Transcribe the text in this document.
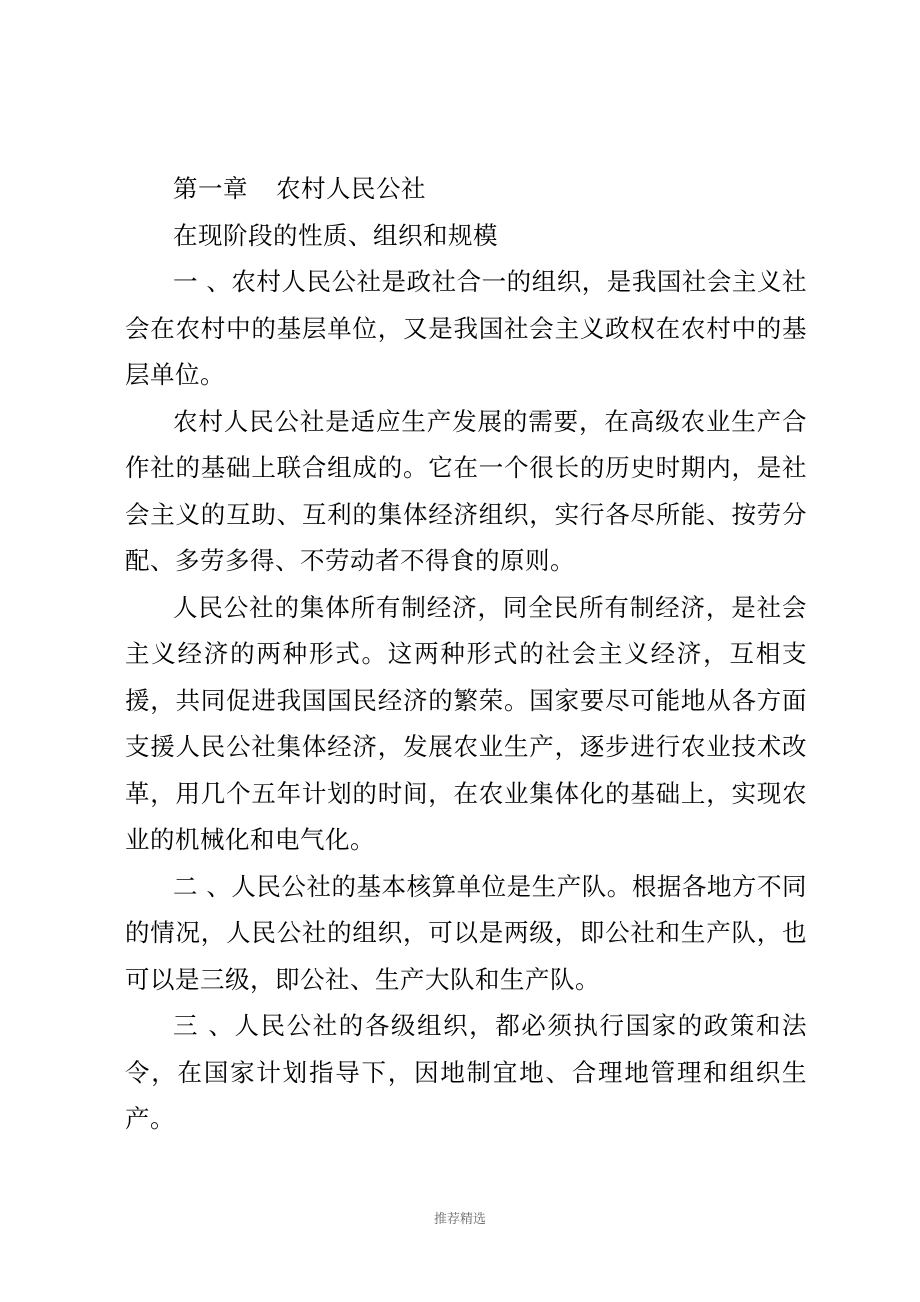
第一章 农村人民公社

在现阶段的性质、组织和规模

一 、农村人民公社是政社合一的组织，是我国社会主义社会在农村中的基层单位，又是我国社会主义政权在农村中的基层单位。

农村人民公社是适应生产发展的需要，在高级农业生产合作社的基础上联合组成的。它在一个很长的历史时期内，是社会主义的互助、互利的集体经济组织，实行各尽所能、按劳分配、多劳多得、不劳动者不得食的原则。

人民公社的集体所有制经济，同全民所有制经济，是社会主义经济的两种形式。这两种形式的社会主义经济，互相支援，共同促进我国国民经济的繁荣。国家要尽可能地从各方面支援人民公社集体经济，发展农业生产，逐步进行农业技术改革，用几个五年计划的时间，在农业集体化的基础上，实现农业的机械化和电气化。

二 、人民公社的基本核算单位是生产队。根据各地方不同的情况，人民公社的组织，可以是两级，即公社和生产队，也可以是三级，即公社、生产大队和生产队。

三 、人民公社的各级组织，都必须执行国家的政策和法令，在国家计划指导下，因地制宜地、合理地管理和组织生产。

推荐精选
